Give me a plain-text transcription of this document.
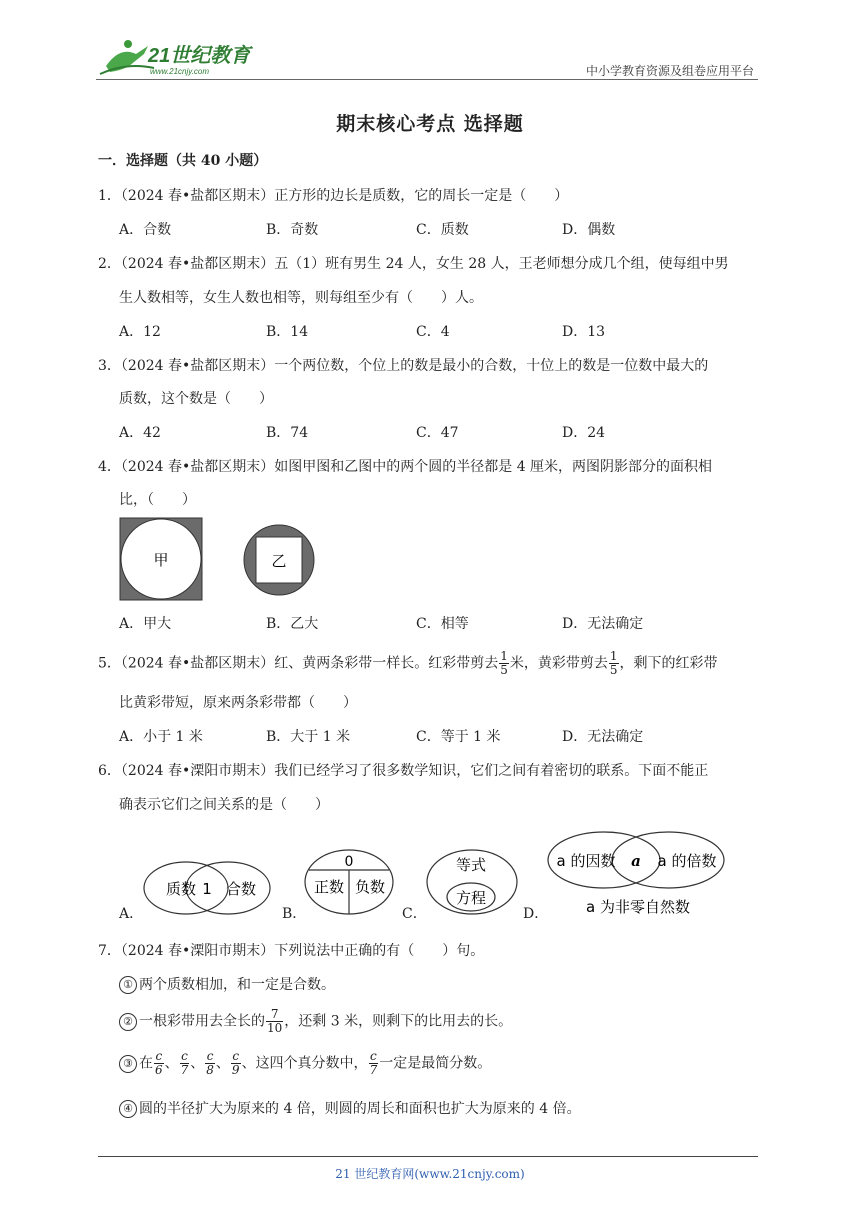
21世纪教育
www.21cnjy.com	中小学教育资源及组卷应用平台
期末核心考点 选择题
一．选择题（共 40 小题）
1．（2024 春•盐都区期末）正方形的边长是质数，它的周长一定是（　　）
A．合数	B．奇数	C．质数	D．偶数
2．（2024 春•盐都区期末）五（1）班有男生 24 人，女生 28 人，王老师想分成几个组，使每组中男
生人数相等，女生人数也相等，则每组至少有（　　）人。
A．12	B．14	C．4	D．13
3．（2024 春•盐都区期末）一个两位数，个位上的数是最小的合数，十位上的数是一位数中最大的
质数，这个数是（　　）
A．42	B．74	C．47	D．24
4．（2024 春•盐都区期末）如图甲图和乙图中的两个圆的半径都是 4 厘米，两图阴影部分的面积相
比，（　　）
甲	乙
A．甲大	B．乙大	C．相等	D．无法确定
5．（2024 春•盐都区期末）红、黄两条彩带一样长。红彩带剪去 $\frac{1}{5}$ 米，黄彩带剪去 $\frac{1}{5}$ ，剩下的红彩带
比黄彩带短，原来两条彩带都（　　）
A．小于 1 米	B．大于 1 米	C．等于 1 米	D．无法确定
6．（2024 春•溧阳市期末）我们已经学习了很多数学知识，它们之间有着密切的联系。下面不能正
确表示它们之间关系的是（　　）
A．
质数 1 合数
B．
0
正数 负数
C．
等式
方程
D．
a 的因数 a a 的倍数
a 为非零自然数
7．（2024 春•溧阳市期末）下列说法中正确的有（　　）句。
① 两个质数相加，和一定是合数。
② 一根彩带用去全长的 $\frac{7}{10}$ ，还剩 3 米，则剩下的比用去的长。
③ 在 $\frac{c}{6}$ 、 $\frac{c}{7}$ 、 $\frac{c}{8}$ 、 $\frac{c}{9}$ 、这四个真分数中， $\frac{c}{7}$ 一定是最简分数。
④ 圆的半径扩大为原来的 4 倍，则圆的周长和面积也扩大为原来的 4 倍。
21 世纪教育网(www.21cnjy.com)
